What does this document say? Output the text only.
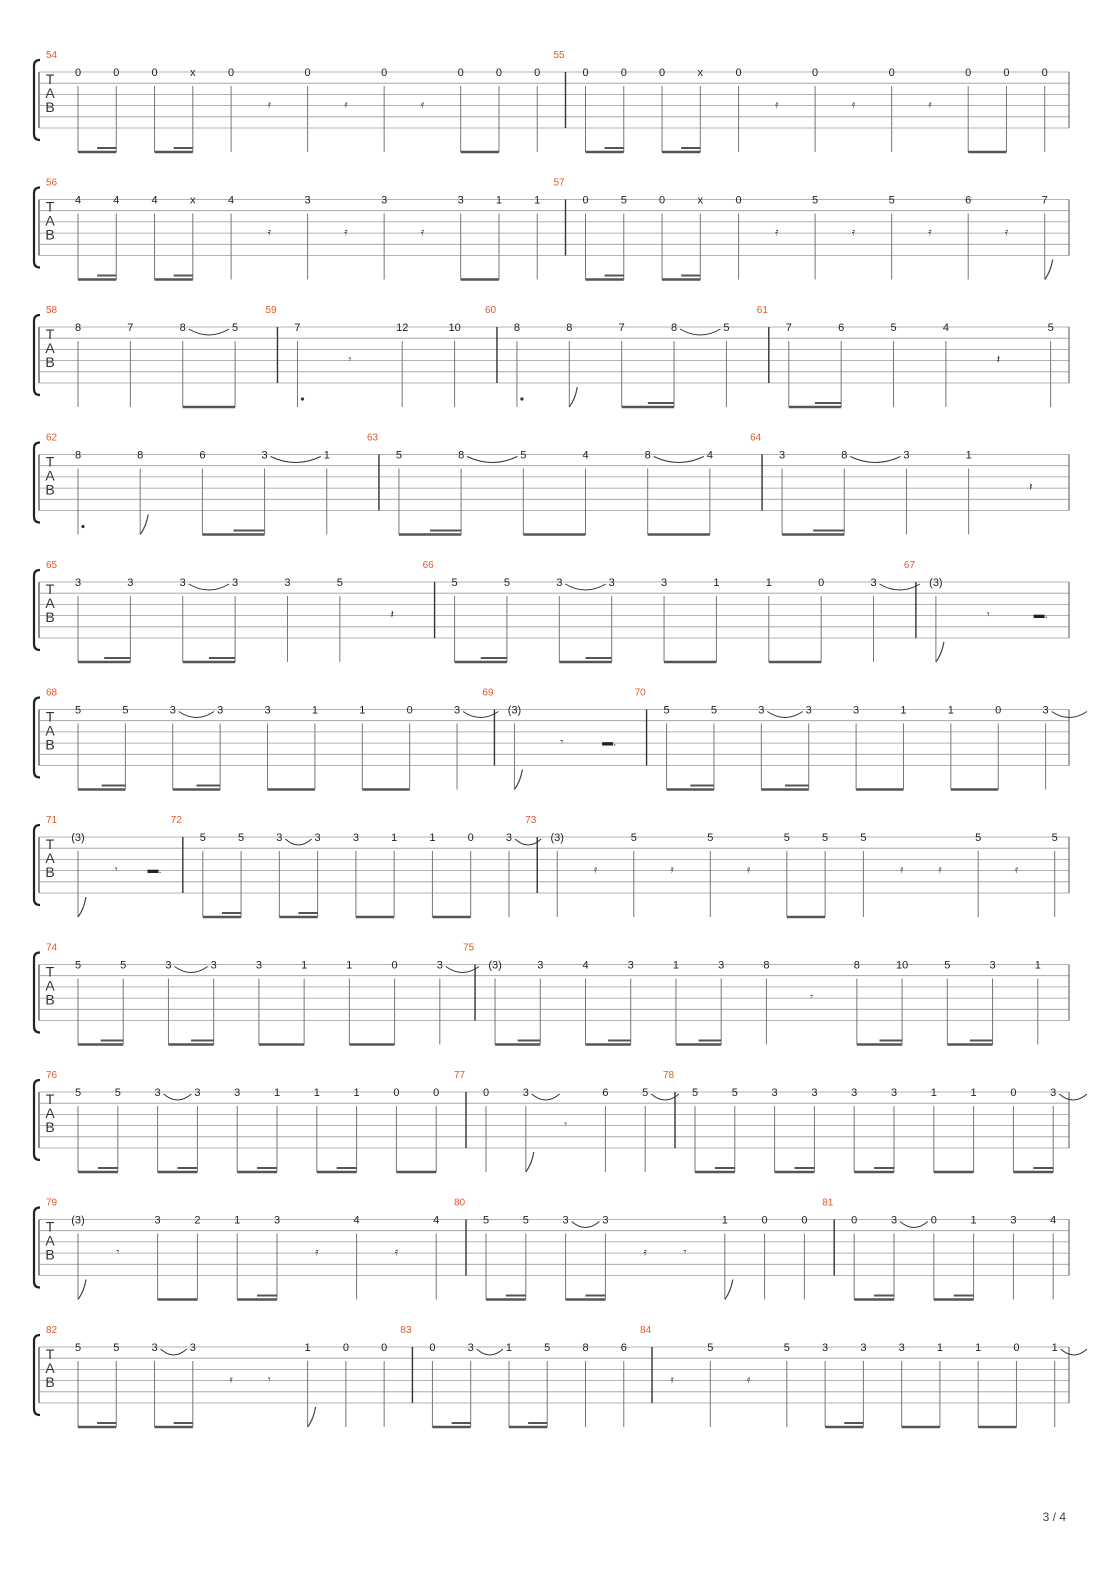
T
A
B
54
0	0	0	x	0
𝄿
0
𝄿
0
𝄿
0	0	0
55
0	0	0	x	0
𝄿
0
𝄿
0
𝄿
0	0	0
T
A
B
56
4	4	4	x	4
𝄿
3
𝄿
3
𝄿
3	1	1
57
0	5	0	x	0
𝄿
5
𝄿
5
𝄿
6
𝄿
7
T
A
B
58
8	7	8	5
59
7
𝄾
12	10
60
8	8	7	8	5
61
7	6	5	4
𝄽
5
T
A
B
62
8	8	6	3	1
63
5	8	5	4	8	4
64
3	8	3	1
𝄽
T
A
B
65
3	3	3	3	3	5
𝄽
66
5	5	3	3	3	1	1	0	3
67
(3)
𝄾	▬.
T
A
B
68
5	5	3	3	3	1	1	0	3
69
(3)
𝄾	▬.
70
5	5	3	3	3	1	1	0	3
T
A
B
71
(3)
𝄾	▬.
72
5	5	3	3	3	1	1	0	3
73
(3)
𝄿
5
𝄿
5
𝄿
5	5	5
𝄿	𝄿
5
𝄿
5
T
A
B
74
5	5	3	3	3	1	1	0	3
75
(3)	3	4	3	1	3	8
𝄾
8	10	5	3	1
T
A
B
76
5	5	3	3	3	1	1	1	0	0
77
0	3
𝄾
6	5
78
5	5	3	3	3	3	1	1	0	3
T
A
B
79
(3)
𝄾
3	2	1	3
𝄿
4
𝄿
4
80
5	5	3	3
𝄿	𝄾
1	0	0
81
0	3	0	1	3	4
T
A
B
82
5	5	3	3
𝄿	𝄾
1	0	0
83
0	3	1	5	8	6
84
𝄿
5
𝄿
5	3	3	3	1	1	0	1
3 / 4
